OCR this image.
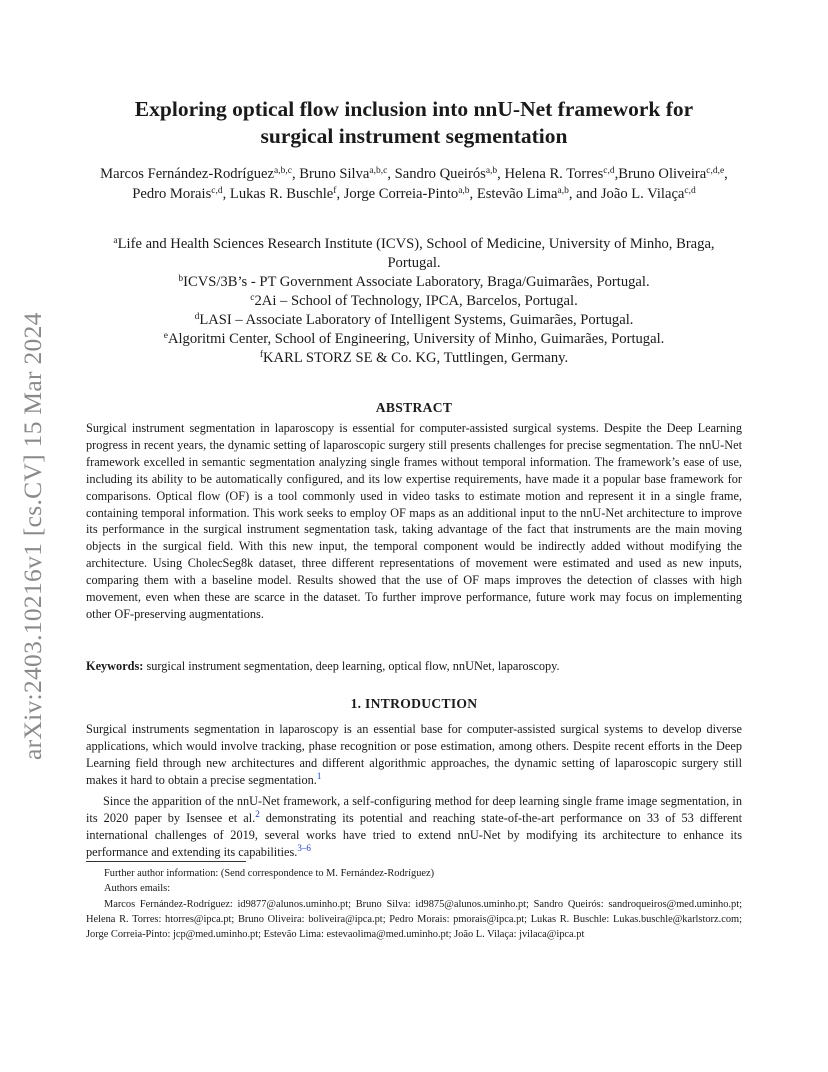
arXiv:2403.10216v1 [cs.CV] 15 Mar 2024
Exploring optical flow inclusion into nnU-Net framework for
surgical instrument segmentation
Marcos Fernández-Rodríguez$^{a,b,c}$, Bruno Silva$^{a,b,c}$, Sandro Queirós$^{a,b}$, Helena R. Torres$^{c,d}$,Bruno Oliveira$^{c,d,e}$, Pedro Morais$^{c,d}$, Lukas R. Buschle$^f$, Jorge Correia-Pinto$^{a,b}$, Estevão Lima$^{a,b}$, and João L. Vilaça$^{c,d}$
$^a$Life and Health Sciences Research Institute (ICVS), School of Medicine, University of Minho, Braga, Portugal.
$^b$ICVS/3B’s - PT Government Associate Laboratory, Braga/Guimarães, Portugal.
$^c$2Ai – School of Technology, IPCA, Barcelos, Portugal.
$^d$LASI – Associate Laboratory of Intelligent Systems, Guimarães, Portugal.
$^e$Algoritmi Center, School of Engineering, University of Minho, Guimarães, Portugal.
$^f$KARL STORZ SE & Co. KG, Tuttlingen, Germany.
ABSTRACT
Surgical instrument segmentation in laparoscopy is essential for computer-assisted surgical systems. Despite the Deep Learning progress in recent years, the dynamic setting of laparoscopic surgery still presents challenges for precise segmentation. The nnU-Net framework excelled in semantic segmentation analyzing single frames without temporal information. The framework’s ease of use, including its ability to be automatically configured, and its low expertise requirements, have made it a popular base framework for comparisons. Optical flow (OF) is a tool commonly used in video tasks to estimate motion and represent it in a single frame, containing temporal information. This work seeks to employ OF maps as an additional input to the nnU-Net architecture to improve its performance in the surgical instrument segmentation task, taking advantage of the fact that instruments are the main moving objects in the surgical field. With this new input, the temporal component would be indirectly added without modifying the architecture. Using CholecSeg8k dataset, three different representations of movement were estimated and used as new inputs, comparing them with a baseline model. Results showed that the use of OF maps improves the detection of classes with high movement, even when these are scarce in the dataset. To further improve performance, future work may focus on implementing other OF-preserving augmentations.
Keywords: surgical instrument segmentation, deep learning, optical flow, nnUNet, laparoscopy.
1. INTRODUCTION
Surgical instruments segmentation in laparoscopy is an essential base for computer-assisted surgical systems to develop diverse applications, which would involve tracking, phase recognition or pose estimation, among others. Despite recent efforts in the Deep Learning field through new architectures and different algorithmic approaches, the dynamic setting of laparoscopic surgery still makes it hard to obtain a precise segmentation.$^1$
Since the apparition of the nnU-Net framework, a self-configuring method for deep learning single frame image segmentation, in its 2020 paper by Isensee et al.$^2$ demonstrating its potential and reaching state-of-the-art performance on 33 of 53 different international challenges of 2019, several works have tried to extend nnU-Net by modifying its architecture to enhance its performance and extending its capabilities.$^{3-6}$
Further author information: (Send correspondence to M. Fernández-Rodríguez)
Authors emails:
Marcos Fernández-Rodríguez: id9877@alunos.uminho.pt; Bruno Silva: id9875@alunos.uminho.pt; Sandro Queirós: sandroqueiros@med.uminho.pt; Helena R. Torres: htorres@ipca.pt; Bruno Oliveira: boliveira@ipca.pt; Pedro Morais: pmorais@ipca.pt; Lukas R. Buschle: Lukas.buschle@karlstorz.com; Jorge Correia-Pinto: jcp@med.uminho.pt; Estevão Lima: estevaolima@med.uminho.pt; João L. Vilaça: jvilaca@ipca.pt
